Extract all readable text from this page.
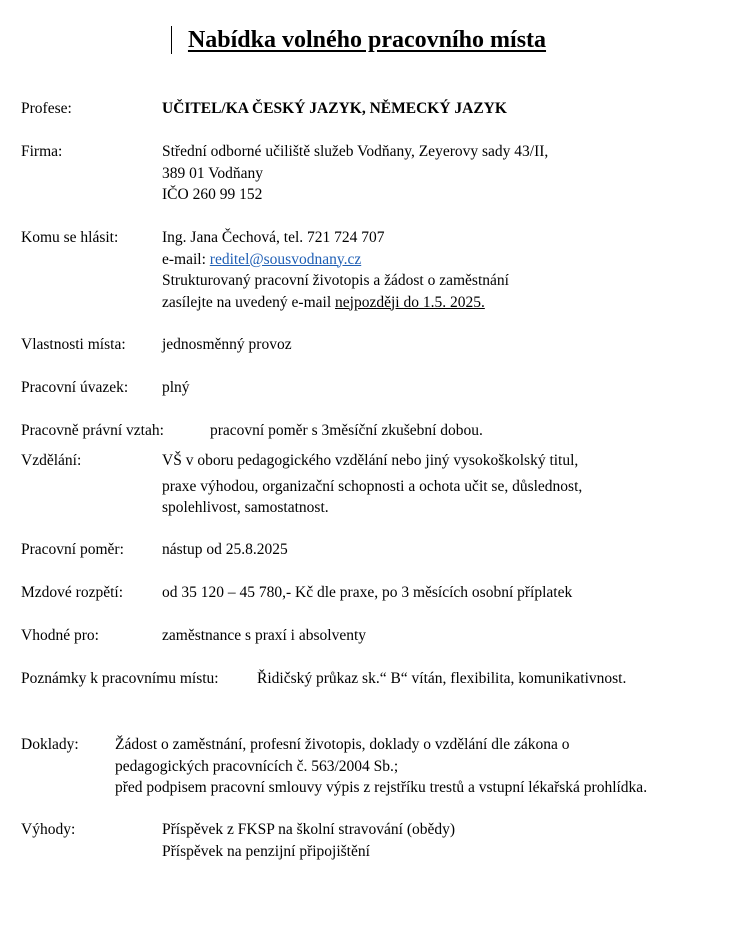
Nabídka volného pracovního místa
Profese:	UČITEL/KA ČESKÝ JAZYK, NĚMECKÝ JAZYK
Firma:	Střední odborné učiliště služeb Vodňany, Zeyerovy sady 43/II,
389 01 Vodňany
IČO 260 99 152
Komu se hlásit:	Ing. Jana Čechová, tel. 721 724 707
e-mail: reditel@sousvodnany.cz
Strukturovaný pracovní životopis a žádost o zaměstnání
zasílejte na uvedený e-mail nejpozději do 1.5. 2025.
Vlastnosti místa: jednosměnný provoz
Pracovní úvazek: plný
Pracovně právní vztah:	pracovní poměr s 3měsíční zkušební dobou.
Vzdělání:	VŠ v oboru pedagogického vzdělání nebo jiný vysokoškolský titul,
praxe výhodou, organizační schopnosti a ochota učit se, důslednost,
spolehlivost, samostatnost.
Pracovní poměr: nástup od 25.8.2025
Mzdové rozpětí:	od 35 120 – 45 780,- Kč dle praxe, po 3 měsících osobní příplatek
Vhodné pro:	zaměstnance s praxí i absolventy
Poznámky k pracovnímu místu: Řidičský průkaz sk.“ B“ vítán, flexibilita, komunikativnost.
Doklady: Žádost o zaměstnání, profesní životopis, doklady o vzdělání dle zákona o
pedagogických pracovnících č. 563/2004 Sb.;
před podpisem pracovní smlouvy výpis z rejstříku trestů a vstupní lékařská prohlídka.
Výhody:	Příspěvek z FKSP na školní stravování (obědy)
Příspěvek na penzijní připojištění
